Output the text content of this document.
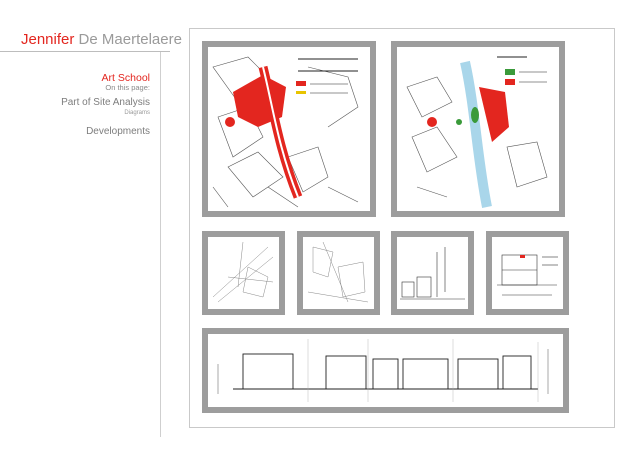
Jennifer De Maertelaere
Art School
On this page:
Part of Site Analysis
Diagrams
Developments
